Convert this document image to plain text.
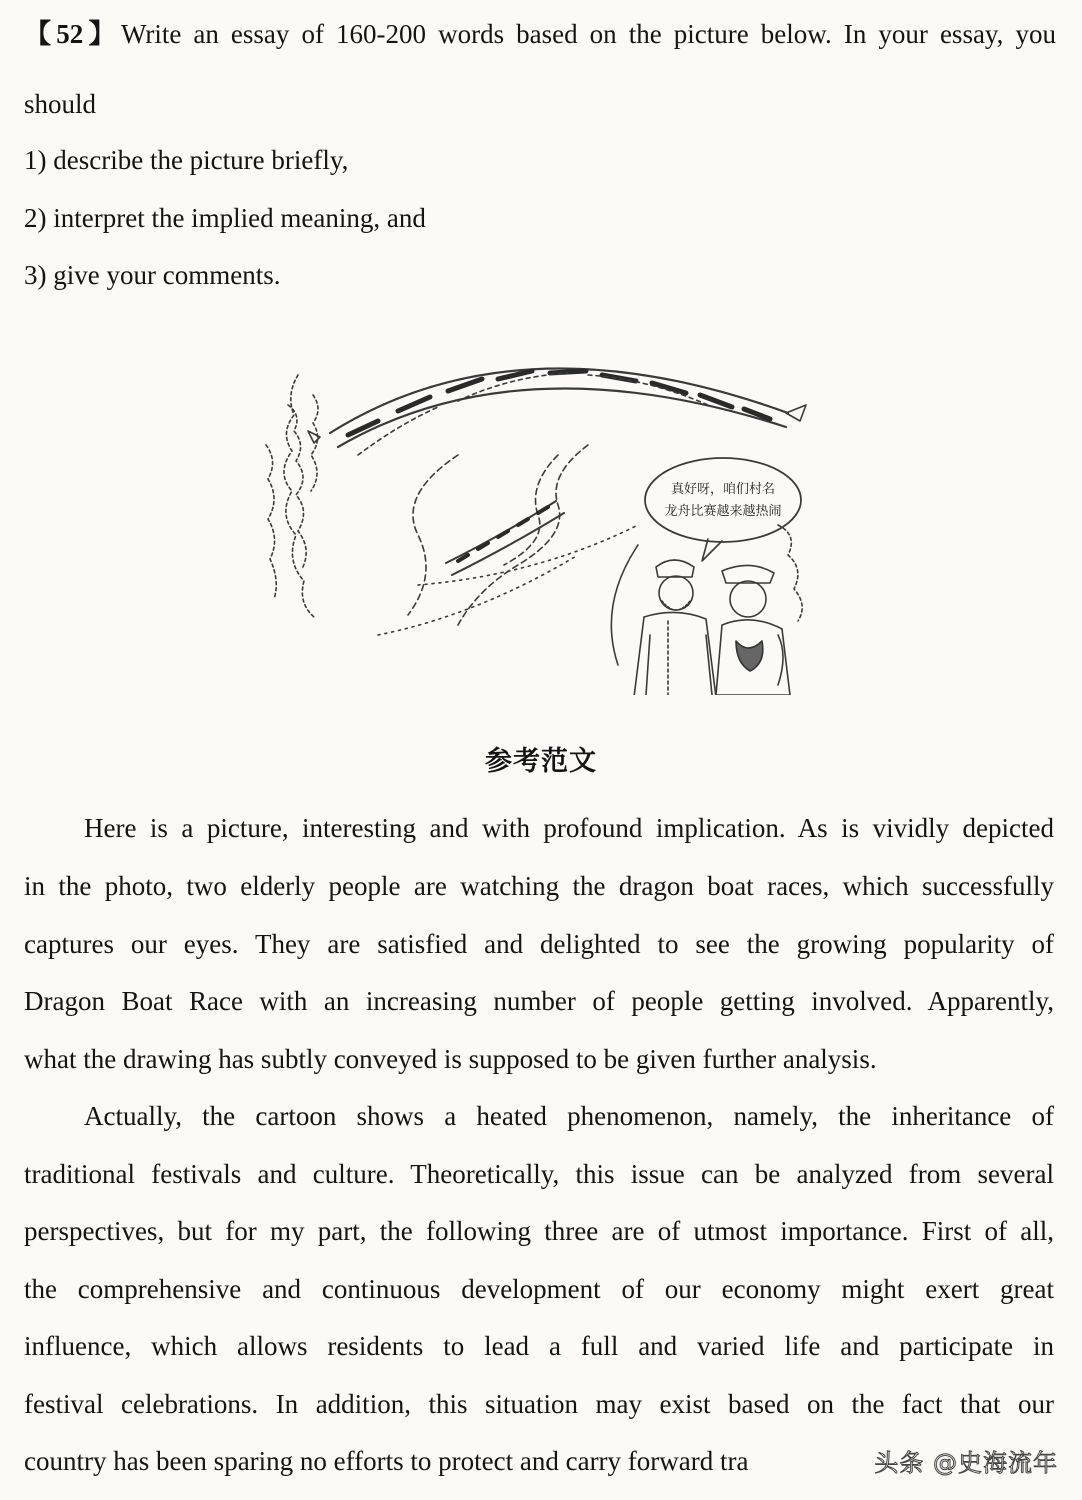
【52】Write an essay of 160-200 words based on the picture below. In your essay, you
should
1) describe the picture briefly,
2) interpret the implied meaning, and
3) give your comments.
真好呀，咱们村名
龙舟比赛越来越热闹
参考范文
Here is a picture, interesting and with profound implication. As is vividly depicted
in the photo, two elderly people are watching the dragon boat races, which successfully
captures our eyes. They are satisfied and delighted to see the growing popularity of
Dragon Boat Race with an increasing number of people getting involved. Apparently,
what the drawing has subtly conveyed is supposed to be given further analysis.
Actually, the cartoon shows a heated phenomenon, namely, the inheritance of
traditional festivals and culture. Theoretically, this issue can be analyzed from several
perspectives, but for my part, the following three are of utmost importance. First of all,
the comprehensive and continuous development of our economy might exert great
influence, which allows residents to lead a full and varied life and participate in
festival celebrations. In addition, this situation may exist based on the fact that our
country has been sparing no efforts to protect and carry forward tra	头条 @史海流年
